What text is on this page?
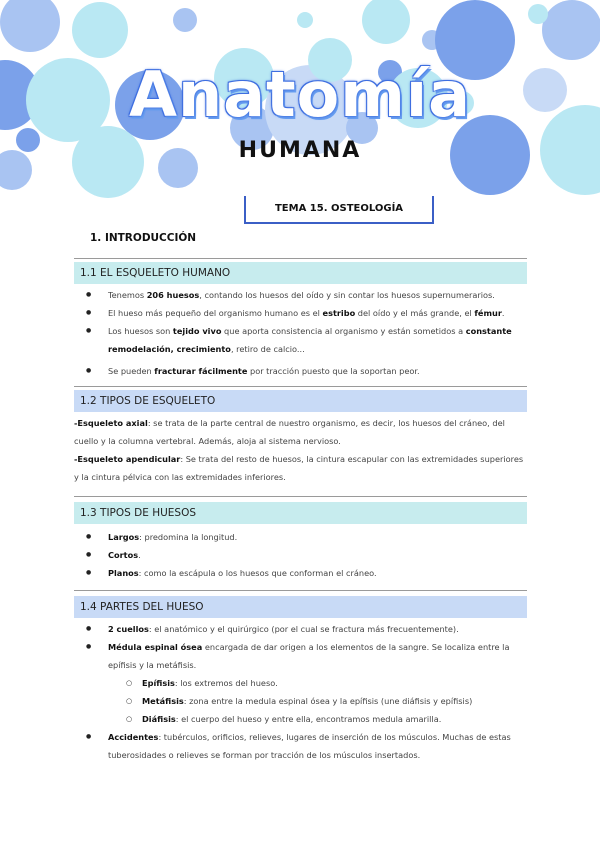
Anatomía
HUMANA
TEMA 15. OSTEOLOGÍA
1. INTRODUCCIÓN
1.1 EL ESQUELETO HUMANO
● Tenemos 206 huesos, contando los huesos del oído y sin contar los huesos supernumerarios.
● El hueso más pequeño del organismo humano es el estribo del oído y el más grande, el fémur.
● Los huesos son tejido vivo que aporta consistencia al organismo y están sometidos a constante remodelación, crecimiento, retiro de calcio...
● Se pueden fracturar fácilmente por tracción puesto que la soportan peor.
1.2 TIPOS DE ESQUELETO
-Esqueleto axial: se trata de la parte central de nuestro organismo, es decir, los huesos del cráneo, del cuello y la columna vertebral. Además, aloja al sistema nervioso.
-Esqueleto apendicular: Se trata del resto de huesos, la cintura escapular con las extremidades superiores y la cintura pélvica con las extremidades inferiores.
1.3 TIPOS DE HUESOS
● Largos: predomina la longitud.
● Cortos.
● Planos: como la escápula o los huesos que conforman el cráneo.
1.4 PARTES DEL HUESO
● 2 cuellos: el anatómico y el quirúrgico (por el cual se fractura más frecuentemente).
● Médula espinal ósea encargada de dar origen a los elementos de la sangre. Se localiza entre la epífisis y la metáfisis.
○ Epífisis: los extremos del hueso.
○ Metáfisis: zona entre la medula espinal ósea y la epífisis (une diáfisis y epífisis)
○ Diáfisis: el cuerpo del hueso y entre ella, encontramos medula amarilla.
● Accidentes: tubérculos, orificios, relieves, lugares de inserción de los músculos. Muchas de estas tuberosidades o relieves se forman por tracción de los músculos insertados.
